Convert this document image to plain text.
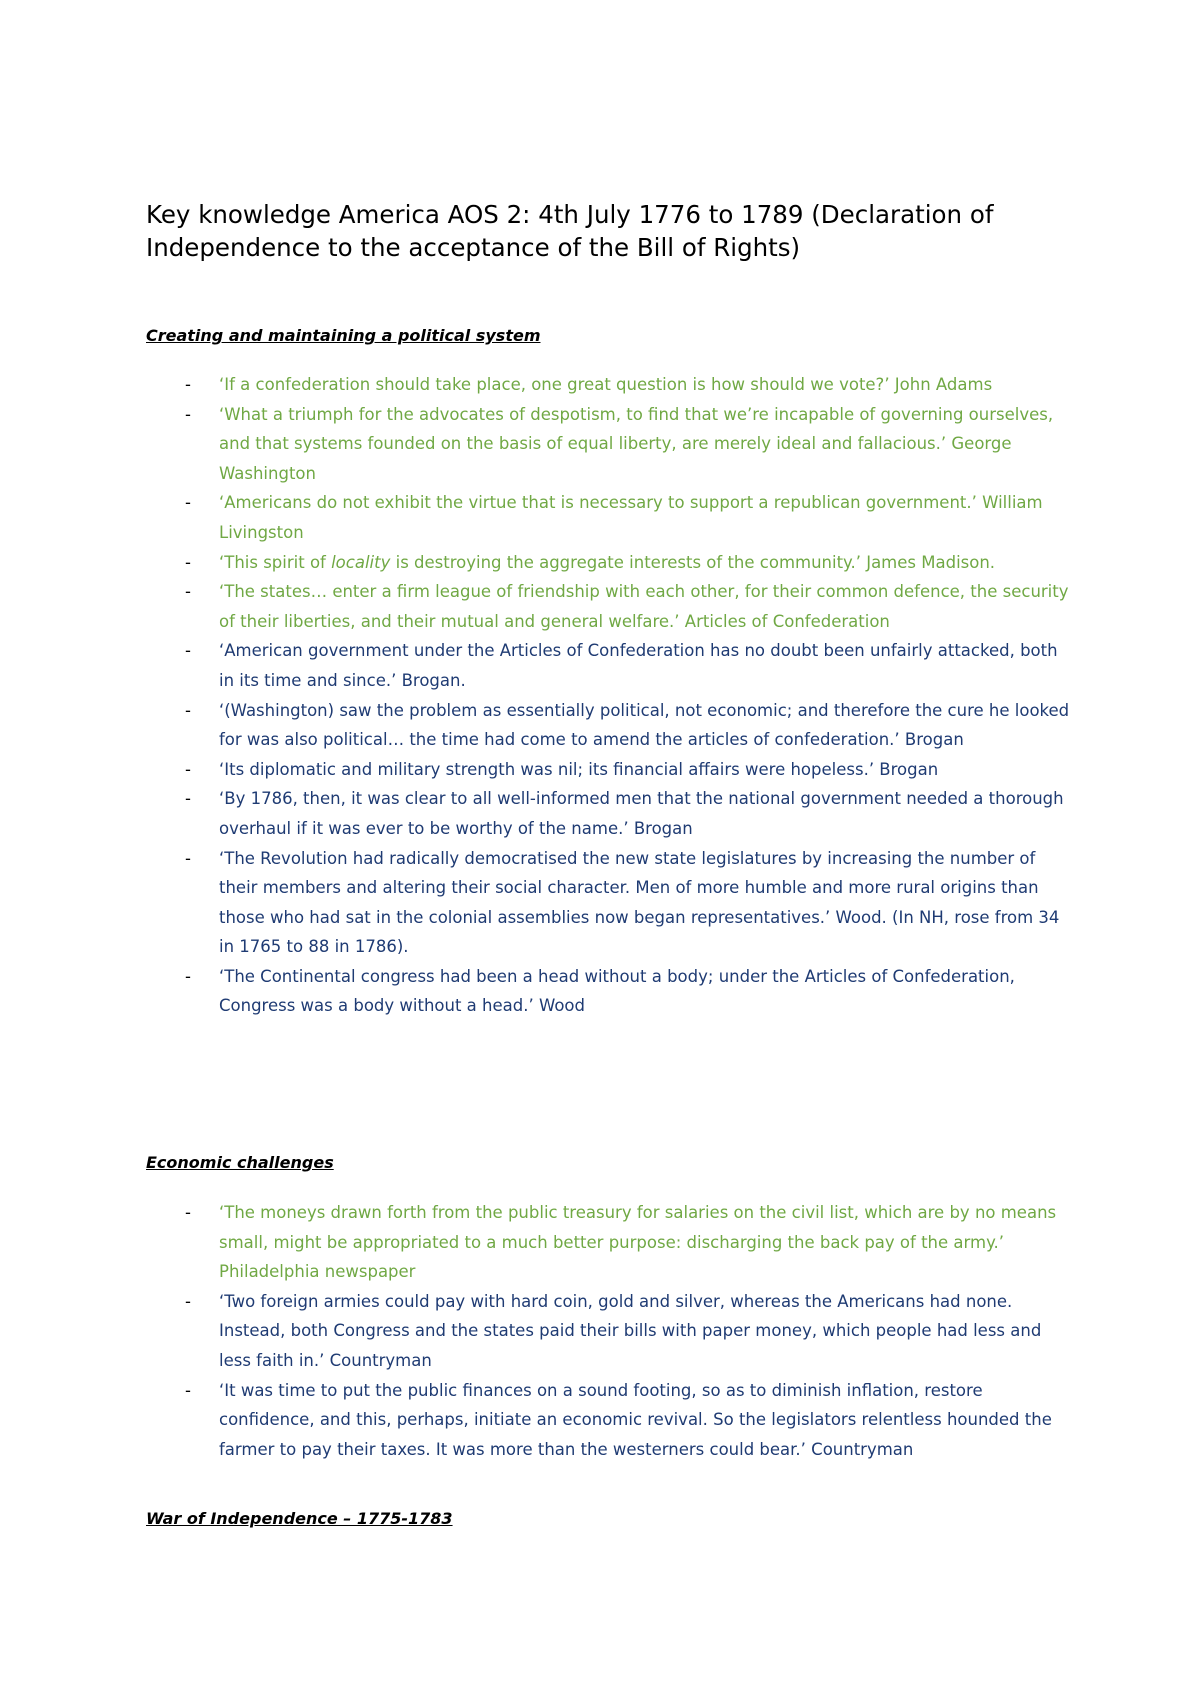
Key knowledge America AOS 2: 4th July 1776 to 1789 (Declaration of Independence to the acceptance of the Bill of Rights)
Creating and maintaining a political system
- ‘If a confederation should take place, one great question is how should we vote?’ John Adams
- ‘What a triumph for the advocates of despotism, to find that we’re incapable of governing ourselves, and that systems founded on the basis of equal liberty, are merely ideal and fallacious.’ George Washington
- ‘Americans do not exhibit the virtue that is necessary to support a republican government.’ William Livingston
- ‘This spirit of locality is destroying the aggregate interests of the community.’ James Madison.
- ‘The states… enter a firm league of friendship with each other, for their common defence, the security of their liberties, and their mutual and general welfare.’ Articles of Confederation
- ‘American government under the Articles of Confederation has no doubt been unfairly attacked, both in its time and since.’ Brogan.
- ‘(Washington) saw the problem as essentially political, not economic; and therefore the cure he looked for was also political… the time had come to amend the articles of confederation.’ Brogan
- ‘Its diplomatic and military strength was nil; its financial affairs were hopeless.’ Brogan
- ‘By 1786, then, it was clear to all well-informed men that the national government needed a thorough overhaul if it was ever to be worthy of the name.’ Brogan
- ‘The Revolution had radically democratised the new state legislatures by increasing the number of their members and altering their social character. Men of more humble and more rural origins than those who had sat in the colonial assemblies now began representatives.’ Wood. (In NH, rose from 34 in 1765 to 88 in 1786).
- ‘The Continental congress had been a head without a body; under the Articles of Confederation, Congress was a body without a head.’ Wood
Economic challenges
- ‘The moneys drawn forth from the public treasury for salaries on the civil list, which are by no means small, might be appropriated to a much better purpose: discharging the back pay of the army.’ Philadelphia newspaper
- ‘Two foreign armies could pay with hard coin, gold and silver, whereas the Americans had none. Instead, both Congress and the states paid their bills with paper money, which people had less and less faith in.’ Countryman
- ‘It was time to put the public finances on a sound footing, so as to diminish inflation, restore confidence, and this, perhaps, initiate an economic revival. So the legislators relentless hounded the farmer to pay their taxes. It was more than the westerners could bear.’ Countryman
War of Independence – 1775-1783
